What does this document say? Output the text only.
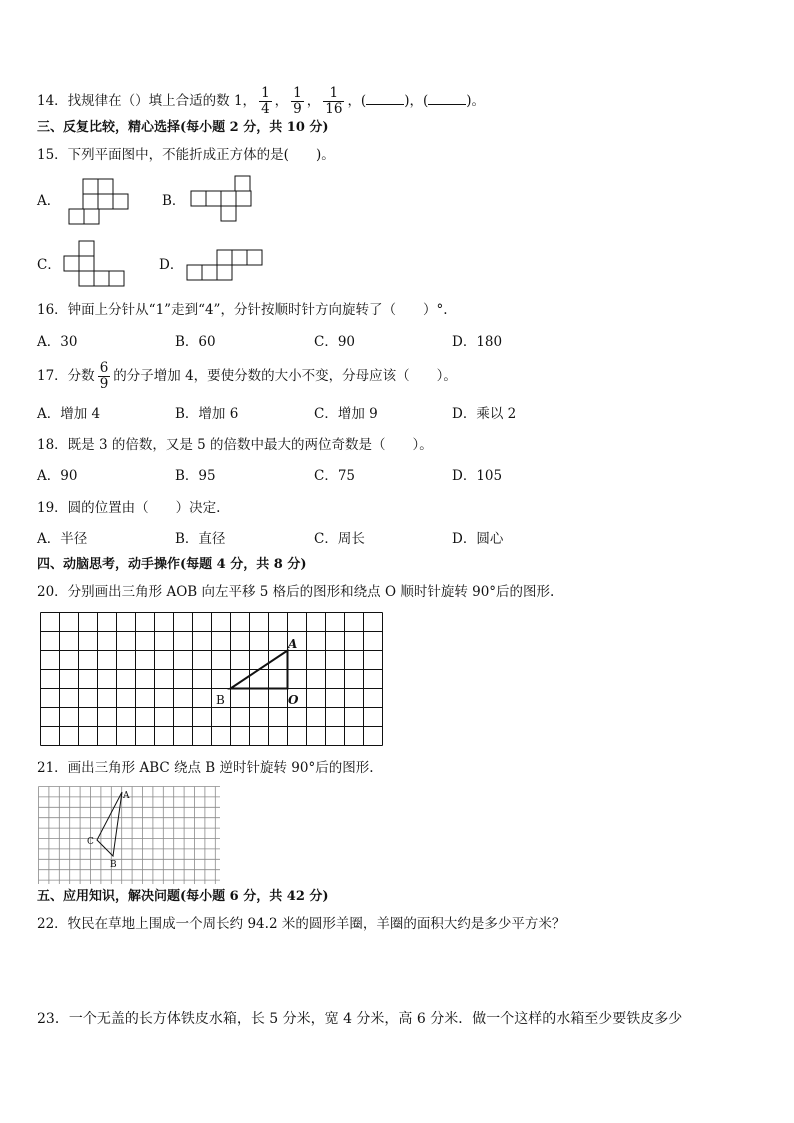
14．找规律在（）填上合适的数 1， $\frac{1}{4}$ ， $\frac{1}{9}$ ， $\frac{1}{16}$ ，(	)，(	)。
三、反复比较，精心选择(每小题 2 分，共 10 分)
15．下列平面图中，不能折成正方体的是(　　)。
A．	B．
C．	D．
16．钟面上分针从“1”走到“4”，分针按顺时针方向旋转了（　　）°.
A．30	B．60	C．90	D．180
17．分数 $\frac{6}{9}$ 的分子增加 4，要使分数的大小不变，分母应该（　　）。
A．增加 4	B．增加 6	C．增加 9	D．乘以 2
18．既是 3 的倍数，又是 5 的倍数中最大的两位奇数是（　　）。
A．90	B．95	C．75	D．105
19．圆的位置由（　　）决定.
A．半径	B．直径	C．周长	D．圆心
四、动脑思考，动手操作(每题 4 分，共 8 分)
20．分别画出三角形 AOB 向左平移 5 格后的图形和绕点 O 顺时针旋转 90°后的图形.
A
B	O
21．画出三角形 ABC 绕点 B 逆时针旋转 90°后的图形.
A
B
C
五、应用知识，解决问题(每小题 6 分，共 42 分)
22．牧民在草地上围成一个周长约 94.2 米的圆形羊圈，羊圈的面积大约是多少平方米？
23．一个无盖的长方体铁皮水箱，长 5 分米，宽 4 分米，高 6 分米．做一个这样的水箱至少要铁皮多少
